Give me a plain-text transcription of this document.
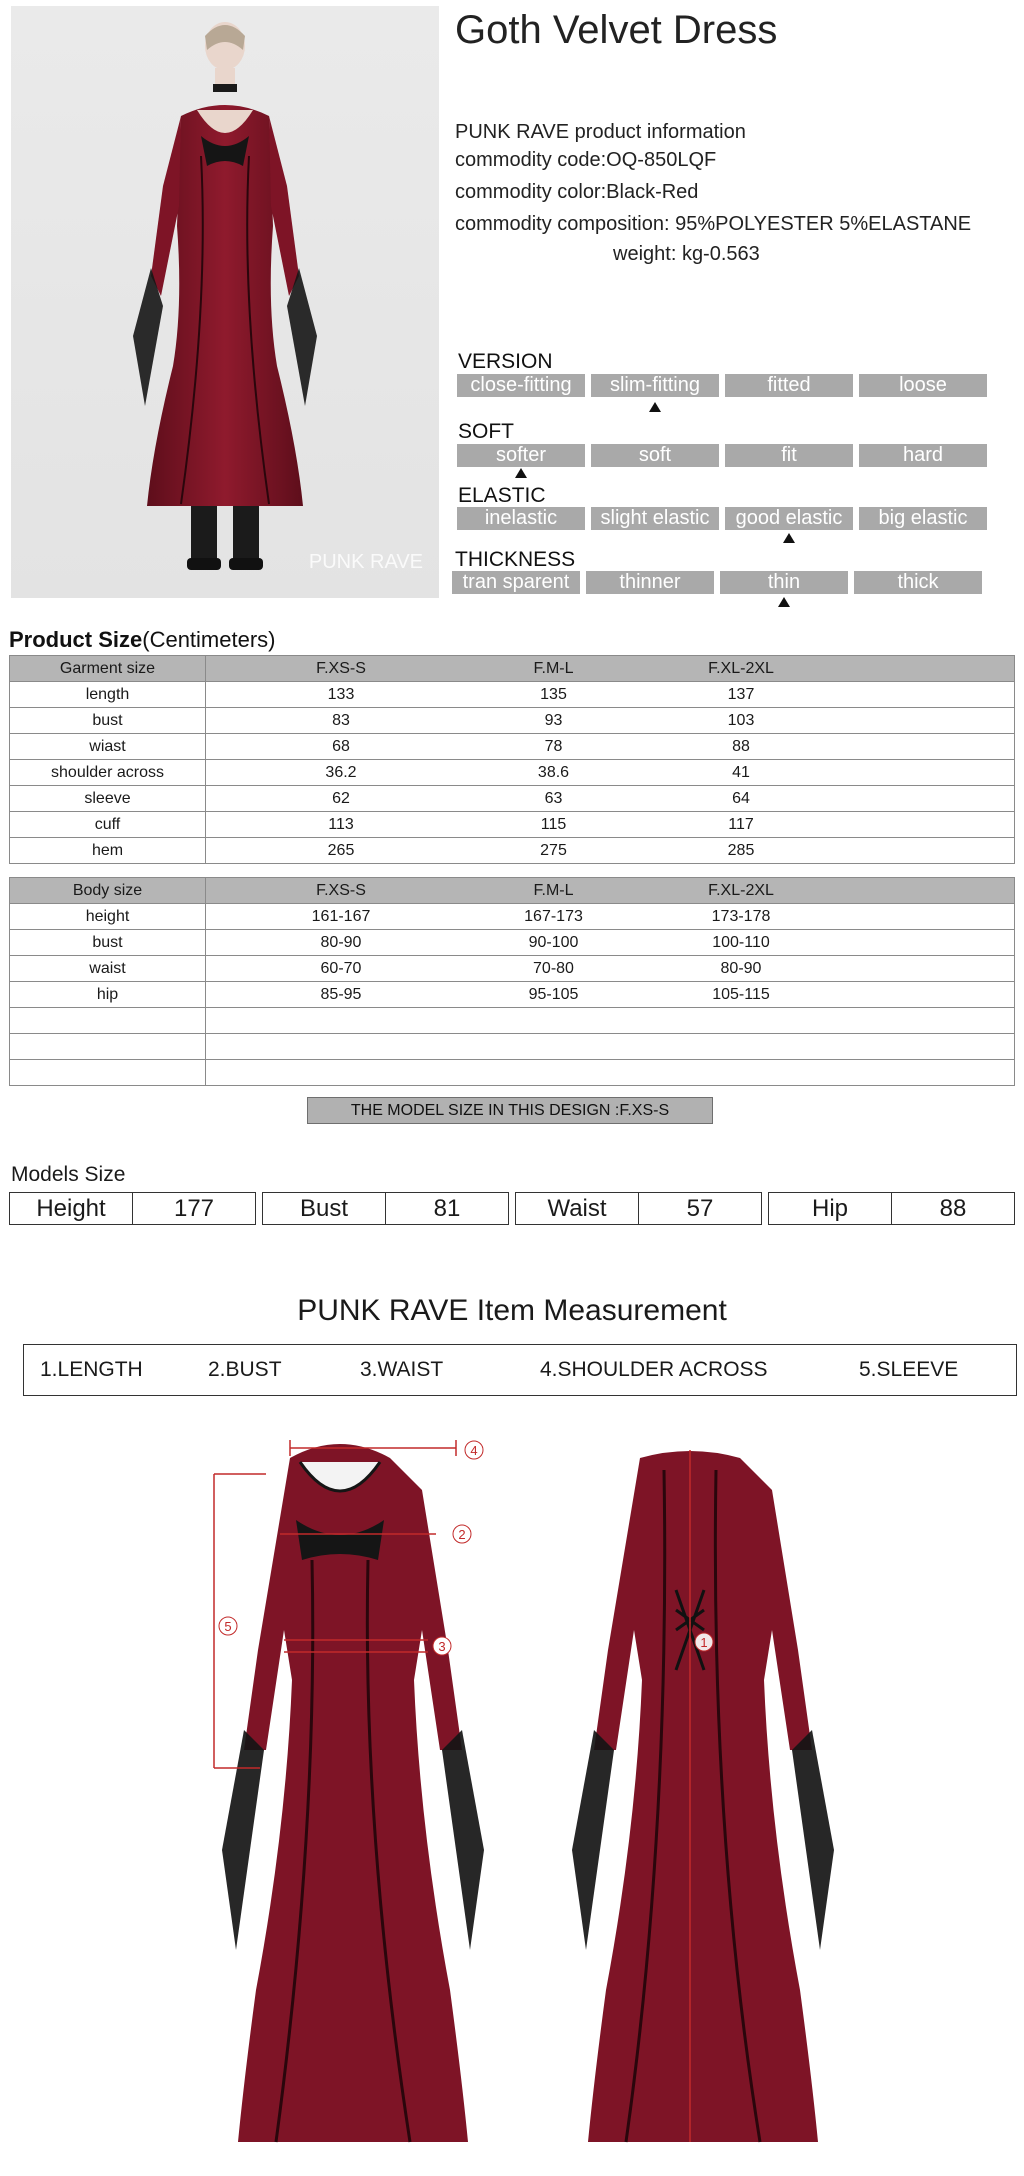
PUNK RAVE
Goth Velvet Dress
PUNK RAVE product information
commodity code:OQ-850LQF
commodity color:Black-Red
commodity composition: 95%POLYESTER 5%ELASTANE
weight: kg-0.563
VERSION
close-fitting	slim-fitting	fitted	loose
SOFT
softer	soft	fit	hard
ELASTIC
inelastic	slight elastic	good elastic	big elastic
THICKNESS
tran sparent	thinner	thin	thick
Product Size(Centimeters)
Garment size	F.XS-S F.M-L F.XL-2XL

length	133 135 137

bust	83 93 103

wiast	68 78 88

shoulder across	36.2 38.6 41

sleeve	62 63 64

cuff	113 115 117

hem	265 275 285
Body size	F.XS-S F.M-L F.XL-2XL

height	161-167 167-173 173-178

bust	80-90 90-100 100-110

waist	60-70 70-80 80-90

hip	85-95 95-105 105-115

THE MODEL SIZE IN THIS DESIGN :F.XS-S
Models Size
Height	177	Bust	81	Waist	57	Hip	88
PUNK RAVE Item Measurement
1.LENGTH	2.BUST	3.WAIST	4.SHOULDER ACROSS	5.SLEEVE
4
2
3
5
1
